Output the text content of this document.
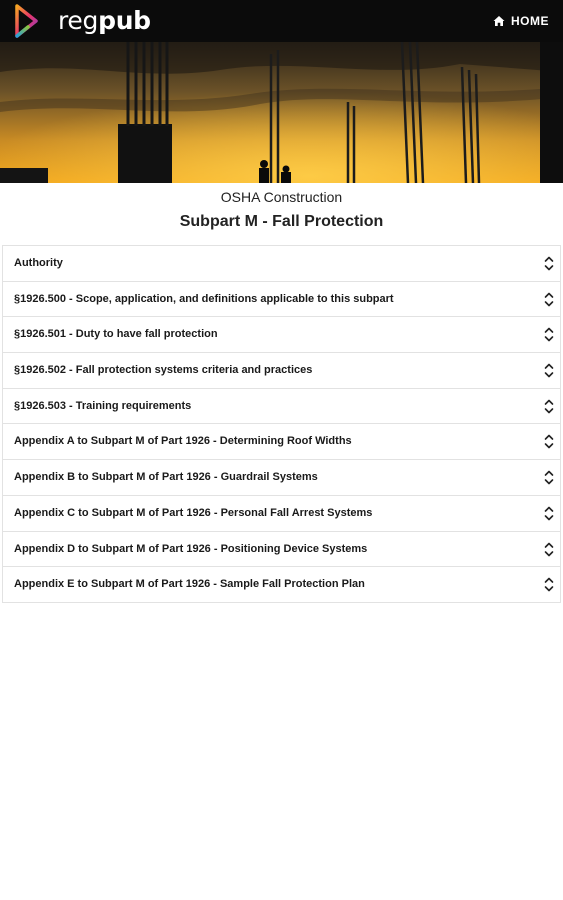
regpub	HOME
OSHA Construction
Subpart M - Fall Protection
Authority
§1926.500 - Scope, application, and definitions applicable to this subpart
§1926.501 - Duty to have fall protection
§1926.502 - Fall protection systems criteria and practices
§1926.503 - Training requirements
Appendix A to Subpart M of Part 1926 - Determining Roof Widths
Appendix B to Subpart M of Part 1926 - Guardrail Systems
Appendix C to Subpart M of Part 1926 - Personal Fall Arrest Systems
Appendix D to Subpart M of Part 1926 - Positioning Device Systems
Appendix E to Subpart M of Part 1926 - Sample Fall Protection Plan
